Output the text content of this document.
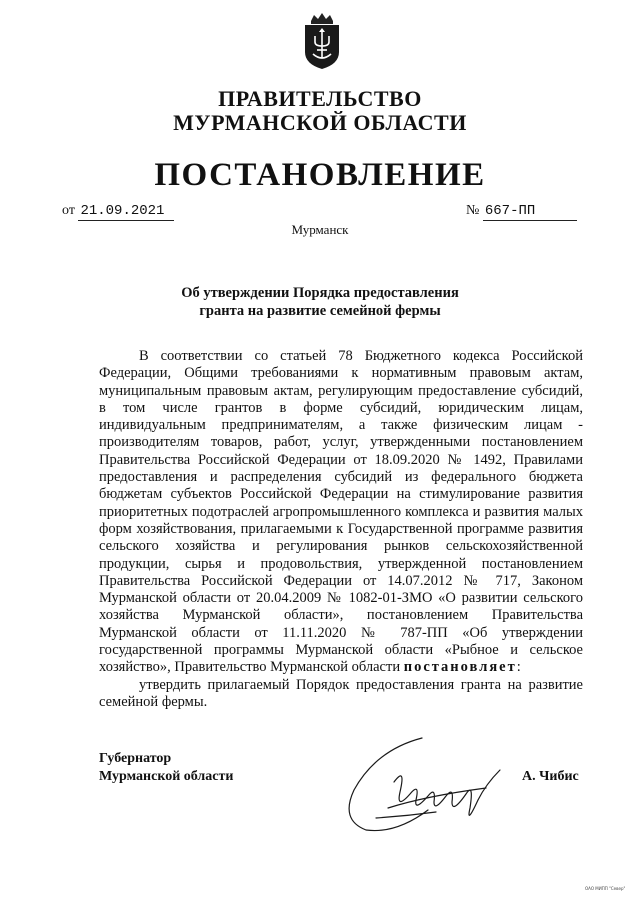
ПРАВИТЕЛЬСТВО
МУРМАНСКОЙ ОБЛАСТИ
ПОСТАНОВЛЕНИЕ
от 21.09.2021	№ 667-ПП
Мурманск
Об утверждении Порядка предоставления
гранта на развитие семейной фермы

В соответствии со статьей 78 Бюджетного кодекса Российской Федерации, Общими требованиями к нормативным правовым актам, муниципальным правовым актам, регулирующим предоставление субсидий, в том числе грантов в форме субсидий, юридическим лицам, индивидуальным предпринимателям, а также физическим лицам - производителям товаров, работ, услуг, утвержденными постановлением Правительства Российской Федерации от 18.09.2020 № 1492, Правилами предоставления и распределения субсидий из федерального бюджета бюджетам субъектов Российской Федерации на стимулирование развития приоритетных подотраслей агропромышленного комплекса и развития малых форм хозяйствования, прилагаемыми к Государственной программе развития сельского хозяйства и регулирования рынков сельскохозяйственной продукции, сырья и продовольствия, утвержденной постановлением Правительства Российской Федерации от 14.07.2012 № 717, Законом Мурманской области от 20.04.2009 № 1082-01-ЗМО «О развитии сельского хозяйства Мурманской области», постановлением Правительства Мурманской области от 11.11.2020 № 787-ПП «Об утверждении государственной программы Мурманской области «Рыбное и сельское хозяйство», Правительство Мурманской области постановляет:

утвердить прилагаемый Порядок предоставления гранта на развитие семейной фермы.

Губернатор
Мурманской области	А. Чибис
ОАО МИПП "Север"
